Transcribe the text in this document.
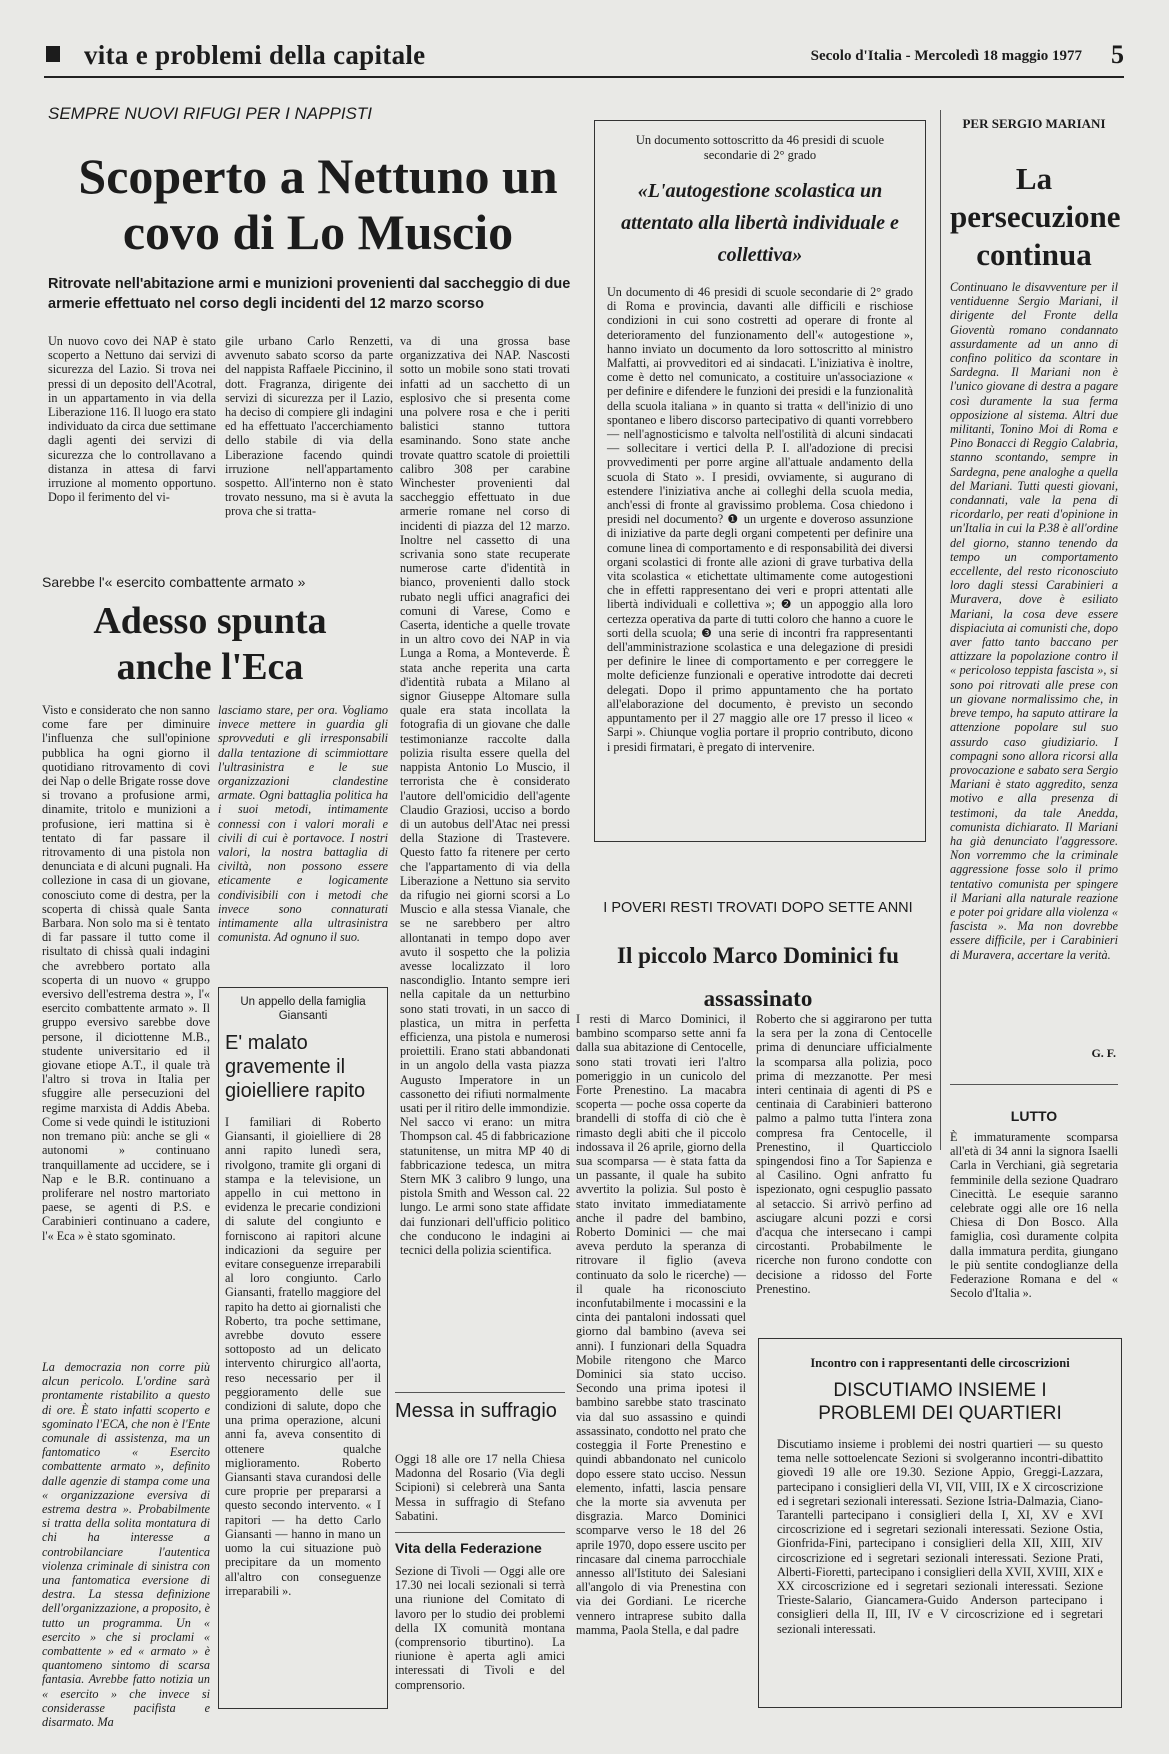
vita e problemi della capitale	Secolo d'Italia - Mercoledì 18 maggio 1977 5
SEMPRE NUOVI RIFUGI PER I NAPPISTI
Scoperto a Nettuno un covo di Lo Muscio
Ritrovate nell'abitazione armi e munizioni provenienti dal saccheggio di due armerie effettuato nel corso degli incidenti del 12 marzo scorso

Un nuovo covo dei NAP è stato scoperto a Nettuno dai servizi di sicurezza del Lazio. Si trova nei pressi di un deposito dell'Acotral, in un appartamento in via della Liberazione 116. Il luogo era stato individuato da circa due settimane dagli agenti dei servizi di sicurezza che lo controllavano a distanza in attesa di farvi irruzione al momento opportuno. Dopo il ferimento del vi-

gile urbano Carlo Renzetti, avvenuto sabato scorso da parte del nappista Raffaele Piccinino, il dott. Fragranza, dirigente dei servizi di sicurezza per il Lazio, ha deciso di compiere gli indagini ed ha effettuato l'accerchiamento dello stabile di via della Liberazione facendo quindi irruzione nell'appartamento sospetto. All'interno non è stato trovato nessuno, ma si è avuta la prova che si tratta-

va di una grossa base organizzativa dei NAP. Nascosti sotto un mobile sono stati trovati infatti ad un sacchetto di un esplosivo che si presenta come una polvere rosa e che i periti balistici stanno tuttora esaminando. Sono state anche trovate quattro scatole di proiettili calibro 308 per carabine Winchester provenienti dal saccheggio effettuato in due armerie romane nel corso di incidenti di piazza del 12 marzo. Inoltre nel cassetto di una scrivania sono state recuperate numerose carte d'identità in bianco, provenienti dallo stock rubato negli uffici anagrafici dei comuni di Varese, Como e Caserta, identiche a quelle trovate in un altro covo dei NAP in via Lunga a Roma, a Monteverde. È stata anche reperita una carta d'identità rubata a Milano al signor Giuseppe Altomare sulla quale era stata incollata la fotografia di un giovane che dalle testimonianze raccolte dalla polizia risulta essere quella del nappista Antonio Lo Muscio, il terrorista che è considerato l'autore dell'omicidio dell'agente Claudio Graziosi, ucciso a bordo di un autobus dell'Atac nei pressi della Stazione di Trastevere. Questo fatto fa ritenere per certo che l'appartamento di via della Liberazione a Nettuno sia servito da rifugio nei giorni scorsi a Lo Muscio e alla stessa Vianale, che se ne sarebbero per altro allontanati in tempo dopo aver avuto il sospetto che la polizia avesse localizzato il loro nascondiglio. Intanto sempre ieri nella capitale da un netturbino sono stati trovati, in un sacco di plastica, un mitra in perfetta efficienza, una pistola e numerosi proiettili. Erano stati abbandonati in un angolo della vasta piazza Augusto Imperatore in un cassonetto dei rifiuti normalmente usati per il ritiro delle immondizie. Nel sacco vi erano: un mitra Thompson cal. 45 di fabbricazione statunitense, un mitra MP 40 di fabbricazione tedesca, un mitra Stern MK 3 calibro 9 lungo, una pistola Smith and Wesson cal. 22 lungo. Le armi sono state affidate dai funzionari dell'ufficio politico che conducono le indagini ai tecnici della polizia scientifica.

Sarebbe l'« esercito combattente armato »
Adesso spunta anche l'Eca

Visto e considerato che non sanno come fare per diminuire l'influenza che sull'opinione pubblica ha ogni giorno il quotidiano ritrovamento di covi dei Nap o delle Brigate rosse dove si trovano a profusione armi, dinamite, tritolo e munizioni a profusione, ieri mattina si è tentato di far passare il ritrovamento di una pistola non denunciata e di alcuni pugnali. Ha collezione in casa di un giovane, conosciuto come di destra, per la scoperta di chissà quale Santa Barbara. Non solo ma si è tentato di far passare il tutto come il risultato di chissà quali indagini che avrebbero portato alla scoperta di un nuovo « gruppo eversivo dell'estrema destra », l'« esercito combattente armato ». Il gruppo eversivo sarebbe dove persone, il diciottenne M.B., studente universitario ed il giovane etiope A.T., il quale trà l'altro si trova in Italia per sfuggire alle persecuzioni del regime marxista di Addis Abeba. Come si vede quindi le istituzioni non tremano più: anche se gli « autonomi » continuano tranquillamente ad uccidere, se i Nap e le B.R. continuano a proliferare nel nostro martoriato paese, se agenti di P.S. e Carabinieri continuano a cadere, l'« Eca » è stato sgominato.

lasciamo stare, per ora. Vogliamo invece mettere in guardia gli sprovveduti e gli irresponsabili dalla tentazione di scimmiottare l'ultrasinistra e le sue organizzazioni clandestine armate. Ogni battaglia politica ha i suoi metodi, intimamente connessi con i valori morali e civili di cui è portavoce. I nostri valori, la nostra battaglia di civiltà, non possono essere eticamente e logicamente condivisibili con i metodi che invece sono connaturati intimamente alla ultrasinistra comunista. Ad ognuno il suo.

La democrazia non corre più alcun pericolo. L'ordine sarà prontamente ristabilito a questo di ore. È stato infatti scoperto e sgominato l'ECA, che non è l'Ente comunale di assistenza, ma un fantomatico « Esercito combattente armato », definito dalle agenzie di stampa come una « organizzazione eversiva di estrema destra ». Probabilmente si tratta della solita montatura di chi ha interesse a controbilanciare l'autentica violenza criminale di sinistra con una fantomatica eversione di destra. La stessa definizione dell'organizzazione, a proposito, è tutto un programma. Un « esercito » che si proclami « combattente » ed « armato » è quantomeno sintomo di scarsa fantasia. Avrebbe fatto notizia un « esercito » che invece si considerasse pacifista e disarmato. Ma

Un appello della famiglia Giansanti
E' malato gravemente il gioielliere rapito

I familiari di Roberto Giansanti, il gioielliere di 28 anni rapito lunedì sera, rivolgono, tramite gli organi di stampa e la televisione, un appello in cui mettono in evidenza le precarie condizioni di salute del congiunto e forniscono ai rapitori alcune indicazioni da seguire per evitare conseguenze irreparabili al loro congiunto. Carlo Giansanti, fratello maggiore del rapito ha detto ai giornalisti che Roberto, tra poche settimane, avrebbe dovuto essere sottoposto ad un delicato intervento chirurgico all'aorta, reso necessario per il peggioramento delle sue condizioni di salute, dopo che una prima operazione, alcuni anni fa, aveva consentito di ottenere qualche miglioramento. Roberto Giansanti stava curandosi delle cure proprie per prepararsi a questo secondo intervento. « I rapitori — ha detto Carlo Giansanti — hanno in mano un uomo la cui situazione può precipitare da un momento all'altro con conseguenze irreparabili ».

Messa in suffragio

Oggi 18 alle ore 17 nella Chiesa Madonna del Rosario (Via degli Scipioni) si celebrerà una Santa Messa in suffragio di Stefano Sabatini.

Vita della Federazione

Sezione di Tivoli — Oggi alle ore 17.30 nei locali sezionali si terrà una riunione del Comitato di lavoro per lo studio dei problemi della IX comunità montana (comprensorio tiburtino). La riunione è aperta agli amici interessati di Tivoli e del comprensorio.

Un documento sottoscritto da 46 presidi di scuole secondarie di 2° grado
«L'autogestione scolastica un attentato alla libertà individuale e collettiva»

Un documento di 46 presidi di scuole secondarie di 2° grado di Roma e provincia, davanti alle difficili e rischiose condizioni in cui sono costretti ad operare di fronte al deterioramento del funzionamento dell'« autogestione », hanno inviato un documento da loro sottoscritto al ministro Malfatti, ai provveditori ed ai sindacati. L'iniziativa è inoltre, come è detto nel comunicato, a costituire un'associazione « per definire e difendere le funzioni dei presidi e la funzionalità della scuola italiana » in quanto si tratta « dell'inizio di uno spontaneo e libero discorso partecipativo di quanti vorrebbero — nell'agnosticismo e talvolta nell'ostilità di alcuni sindacati — sollecitare i vertici della P. I. all'adozione di precisi provvedimenti per porre argine all'attuale andamento della scuola di Stato ». I presidi, ovviamente, si augurano di estendere l'iniziativa anche ai colleghi della scuola media, anch'essi di fronte al gravissimo problema. Cosa chiedono i presidi nel documento? ❶ un urgente e doveroso assunzione di iniziative da parte degli organi competenti per definire una comune linea di comportamento e di responsabilità dei diversi organi scolastici di fronte alle azioni di grave turbativa della vita scolastica « etichettate ultimamente come autogestioni che in effetti rappresentano dei veri e propri attentati alle libertà individuali e collettiva »; ❷ un appoggio alla loro certezza operativa da parte di tutti coloro che hanno a cuore le sorti della scuola; ❸ una serie di incontri fra rappresentanti dell'amministrazione scolastica e una delegazione di presidi per definire le linee di comportamento e per correggere le molte deficienze funzionali e operative introdotte dai decreti delegati. Dopo il primo appuntamento che ha portato all'elaborazione del documento, è previsto un secondo appuntamento per il 27 maggio alle ore 17 presso il liceo « Sarpi ». Chiunque voglia portare il proprio contributo, dicono i presidi firmatari, è pregato di intervenire.

I POVERI RESTI TROVATI DOPO SETTE ANNI
Il piccolo Marco Dominici fu assassinato

I resti di Marco Dominici, il bambino scomparso sette anni fa dalla sua abitazione di Centocelle, sono stati trovati ieri l'altro pomeriggio in un cunicolo del Forte Prenestino. La macabra scoperta — poche ossa coperte da brandelli di stoffa di ciò che è rimasto degli abiti che il piccolo indossava il 26 aprile, giorno della sua scomparsa — è stata fatta da un passante, il quale ha subito avvertito la polizia. Sul posto è stato invitato immediatamente anche il padre del bambino, Roberto Dominici — che mai aveva perduto la speranza di ritrovare il figlio (aveva continuato da solo le ricerche) — il quale ha riconosciuto inconfutabilmente i mocassini e la cinta dei pantaloni indossati quel giorno dal bambino (aveva sei anni). I funzionari della Squadra Mobile ritengono che Marco Dominici sia stato ucciso. Secondo una prima ipotesi il bambino sarebbe stato trascinato via dal suo assassino e quindi assassinato, condotto nel prato che costeggia il Forte Prenestino e quindi abbandonato nel cunicolo dopo essere stato ucciso. Nessun elemento, infatti, lascia pensare che la morte sia avvenuta per disgrazia. Marco Dominici scomparve verso le 18 del 26 aprile 1970, dopo essere uscito per rincasare dal cinema parrocchiale annesso all'Istituto dei Salesiani all'angolo di via Prenestina con via dei Gordiani. Le ricerche vennero intraprese subito dalla mamma, Paola Stella, e dal padre

Roberto che si aggirarono per tutta la sera per la zona di Centocelle prima di denunciare ufficialmente la scomparsa alla polizia, poco prima di mezzanotte. Per mesi interi centinaia di agenti di PS e centinaia di Carabinieri batterono palmo a palmo tutta l'intera zona compresa fra Centocelle, il Prenestino, il Quarticciolo spingendosi fino a Tor Sapienza e al Casilino. Ogni anfratto fu ispezionato, ogni cespuglio passato al setaccio. Si arrivò perfino ad asciugare alcuni pozzi e corsi d'acqua che intersecano i campi circostanti. Probabilmente le ricerche non furono condotte con decisione a ridosso del Forte Prenestino.

PER SERGIO MARIANI
La persecuzione continua

Continuano le disavventure per il ventiduenne Sergio Mariani, il dirigente del Fronte della Gioventù romano condannato assurdamente ad un anno di confino politico da scontare in Sardegna. Il Mariani non è l'unico giovane di destra a pagare così duramente la sua ferma opposizione al sistema. Altri due militanti, Tonino Moi di Roma e Pino Bonacci di Reggio Calabria, stanno scontando, sempre in Sardegna, pene analoghe a quella del Mariani. Tutti questi giovani, condannati, vale la pena di ricordarlo, per reati d'opinione in un'Italia in cui la P.38 è all'ordine del giorno, stanno tenendo da tempo un comportamento eccellente, del resto riconosciuto loro dagli stessi Carabinieri a Muravera, dove è esiliato Mariani, la cosa deve essere dispiaciuta ai comunisti che, dopo aver fatto tanto baccano per attizzare la popolazione contro il « pericoloso teppista fascista », si sono poi ritrovati alle prese con un giovane normalissimo che, in breve tempo, ha saputo attirare la attenzione popolare sul suo assurdo caso giudiziario. I compagni sono allora ricorsi alla provocazione e sabato sera Sergio Mariani è stato aggredito, senza motivo e alla presenza di testimoni, da tale Anedda, comunista dichiarato. Il Mariani ha già denunciato l'aggressore. Non vorremmo che la criminale aggressione fosse solo il primo tentativo comunista per spingere il Mariani alla naturale reazione e poter poi gridare alla violenza « fascista ». Ma non dovrebbe essere difficile, per i Carabinieri di Muravera, accertare la verità.

G. F.
LUTTO

È immaturamente scomparsa all'età di 34 anni la signora Isaelli Carla in Verchiani, già segretaria femminile della sezione Quadraro Cinecittà. Le esequie saranno celebrate oggi alle ore 16 nella Chiesa di Don Bosco. Alla famiglia, così duramente colpita dalla immatura perdita, giungano le più sentite condoglianze della Federazione Romana e del « Secolo d'Italia ».

Incontro con i rappresentanti delle circoscrizioni
DISCUTIAMO INSIEME I PROBLEMI DEI QUARTIERI

Discutiamo insieme i problemi dei nostri quartieri — su questo tema nelle sottoelencate Sezioni si svolgeranno incontri-dibattito giovedì 19 alle ore 19.30. Sezione Appio, Greggi-Lazzara, partecipano i consiglieri della VI, VII, VIII, IX e X circoscrizione ed i segretari sezionali interessati. Sezione Istria-Dalmazia, Ciano-Tarantelli partecipano i consiglieri della I, XI, XV e XVI circoscrizione ed i segretari sezionali interessati. Sezione Ostia, Gionfrida-Fini, partecipano i consiglieri della XII, XIII, XIV circoscrizione ed i segretari sezionali interessati. Sezione Prati, Alberti-Fioretti, partecipano i consiglieri della XVII, XVIII, XIX e XX circoscrizione ed i segretari sezionali interessati. Sezione Trieste-Salario, Giancamera-Guido Anderson partecipano i consiglieri della II, III, IV e V circoscrizione ed i segretari sezionali interessati.
